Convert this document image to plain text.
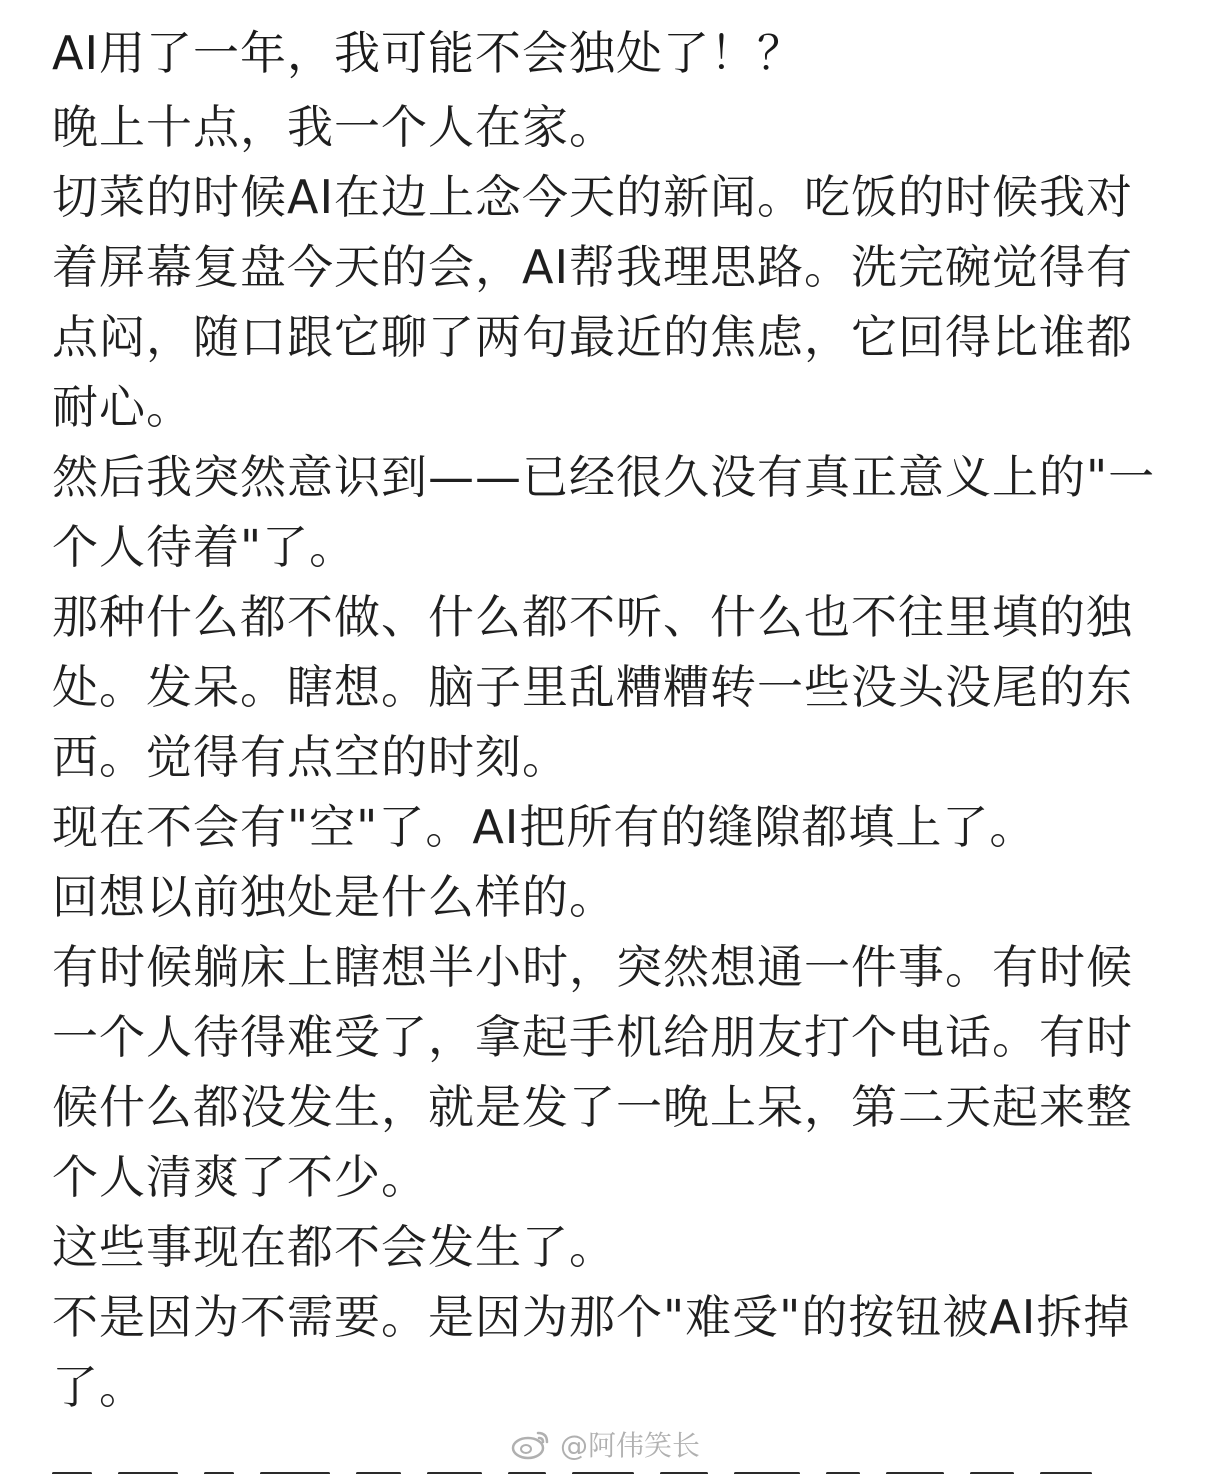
AI用了一年，我可能不会独处了！？

晚上十点，我一个人在家。

切菜的时候AI在边上念今天的新闻。吃饭的时候我对着屏幕复盘今天的会，AI帮我理思路。洗完碗觉得有点闷，随口跟它聊了两句最近的焦虑，它回得比谁都耐心。

然后我突然意识到——已经很久没有真正意义上的"一个人待着"了。

那种什么都不做、什么都不听、什么也不往里填的独处。发呆。瞎想。脑子里乱糟糟转一些没头没尾的东西。觉得有点空的时刻。

现在不会有"空"了。AI把所有的缝隙都填上了。

回想以前独处是什么样的。

有时候躺床上瞎想半小时，突然想通一件事。有时候一个人待得难受了，拿起手机给朋友打个电话。有时候什么都没发生，就是发了一晚上呆，第二天起来整个人清爽了不少。

这些事现在都不会发生了。

不是因为不需要。是因为那个"难受"的按钮被AI拆掉了。

@阿伟笑长
